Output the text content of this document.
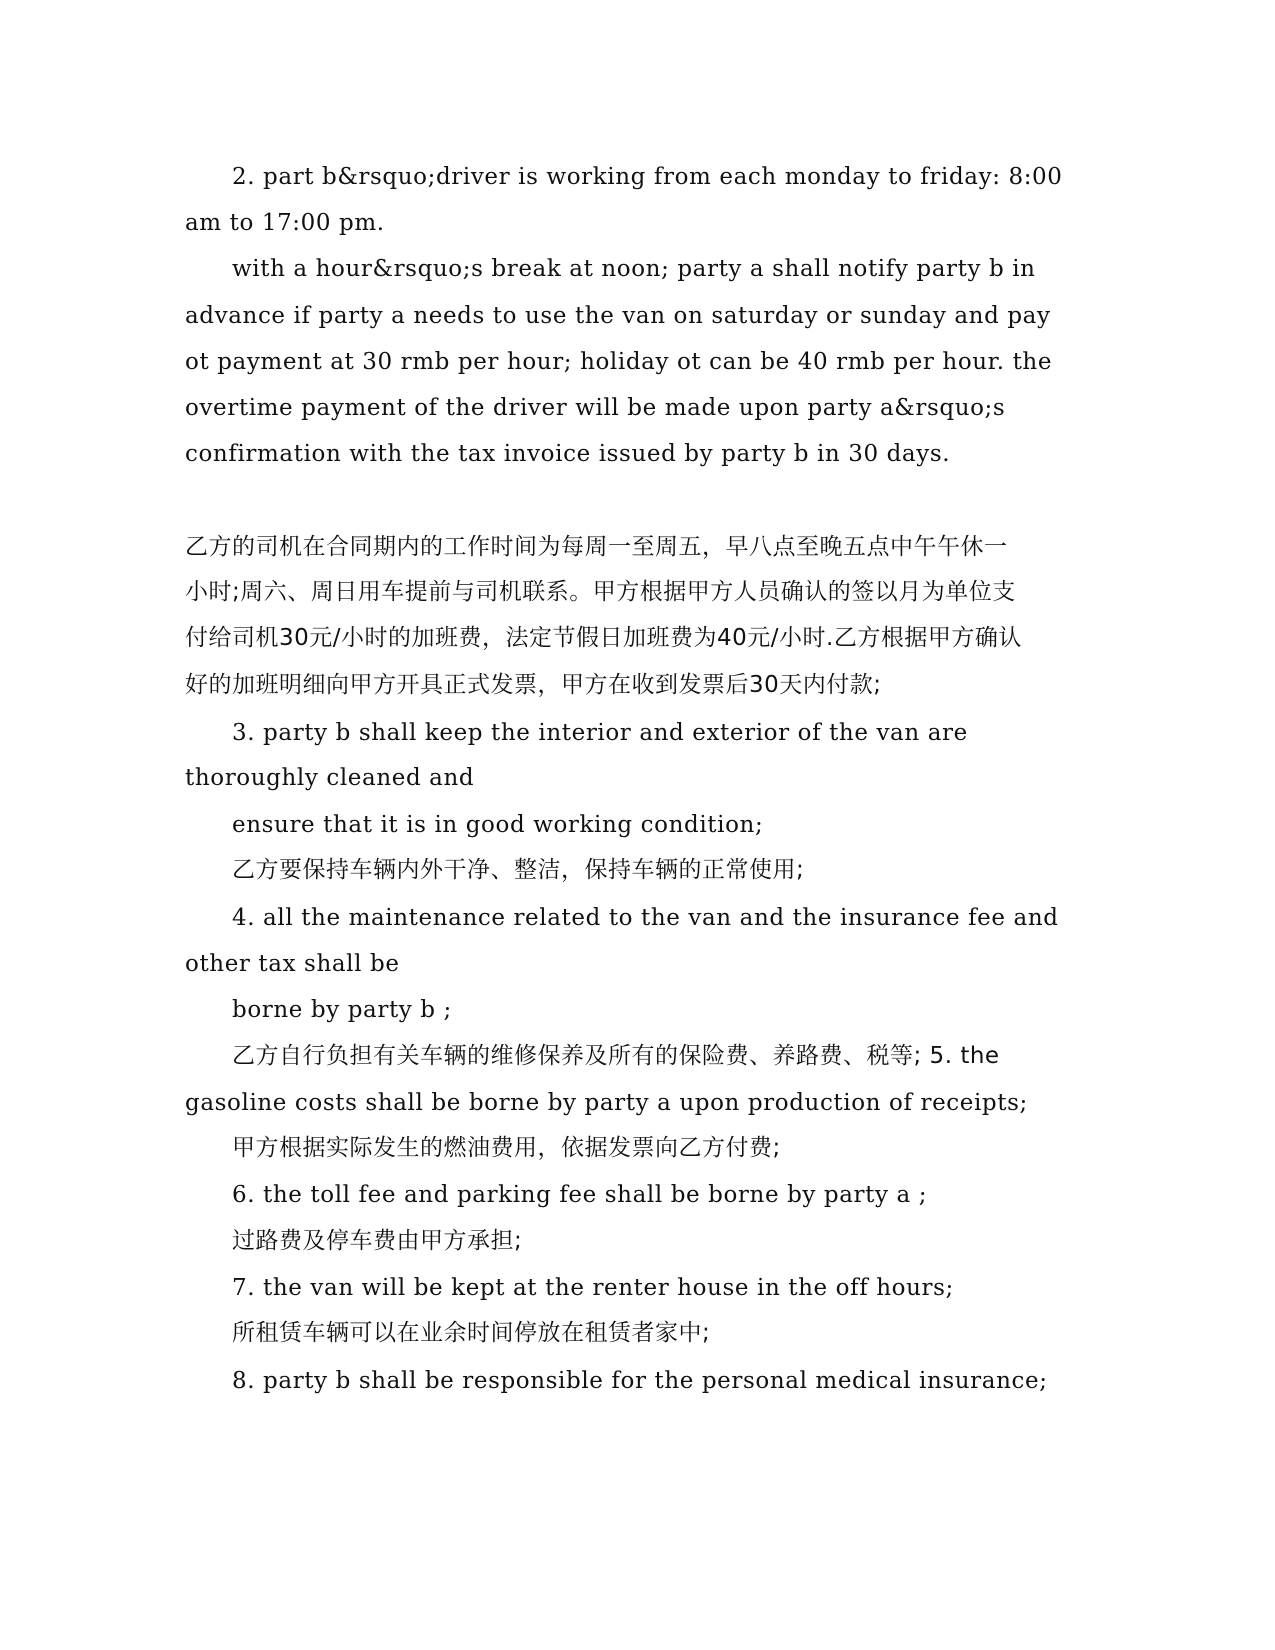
2. part b&rsquo;driver is working from each monday to friday: 8:00

am to 17:00 pm.

with a hour&rsquo;s break at noon; party a shall notify party b in

advance if party a needs to use the van on saturday or sunday and pay

ot payment at 30 rmb per hour; holiday ot can be 40 rmb per hour. the

overtime payment of the driver will be made upon party a&rsquo;s

confirmation with the tax invoice issued by party b in 30 days.

乙方的司机在合同期内的工作时间为每周一至周五，早八点至晚五点中午午休一

小时;周六、周日用车提前与司机联系。甲方根据甲方人员确认的签以月为单位支

付给司机30元/小时的加班费，法定节假日加班费为40元/小时.乙方根据甲方确认

好的加班明细向甲方开具正式发票，甲方在收到发票后30天内付款;

3. party b shall keep the interior and exterior of the van are

thoroughly cleaned and

ensure that it is in good working condition;

乙方要保持车辆内外干净、整洁，保持车辆的正常使用;

4. all the maintenance related to the van and the insurance fee and

other tax shall be

borne by party b ;

乙方自行负担有关车辆的维修保养及所有的保险费、养路费、税等; 5. the

gasoline costs shall be borne by party a upon production of receipts;

甲方根据实际发生的燃油费用，依据发票向乙方付费;

6. the toll fee and parking fee shall be borne by party a ;

过路费及停车费由甲方承担;

7. the van will be kept at the renter house in the off hours;

所租赁车辆可以在业余时间停放在租赁者家中;

8. party b shall be responsible for the personal medical insurance;
